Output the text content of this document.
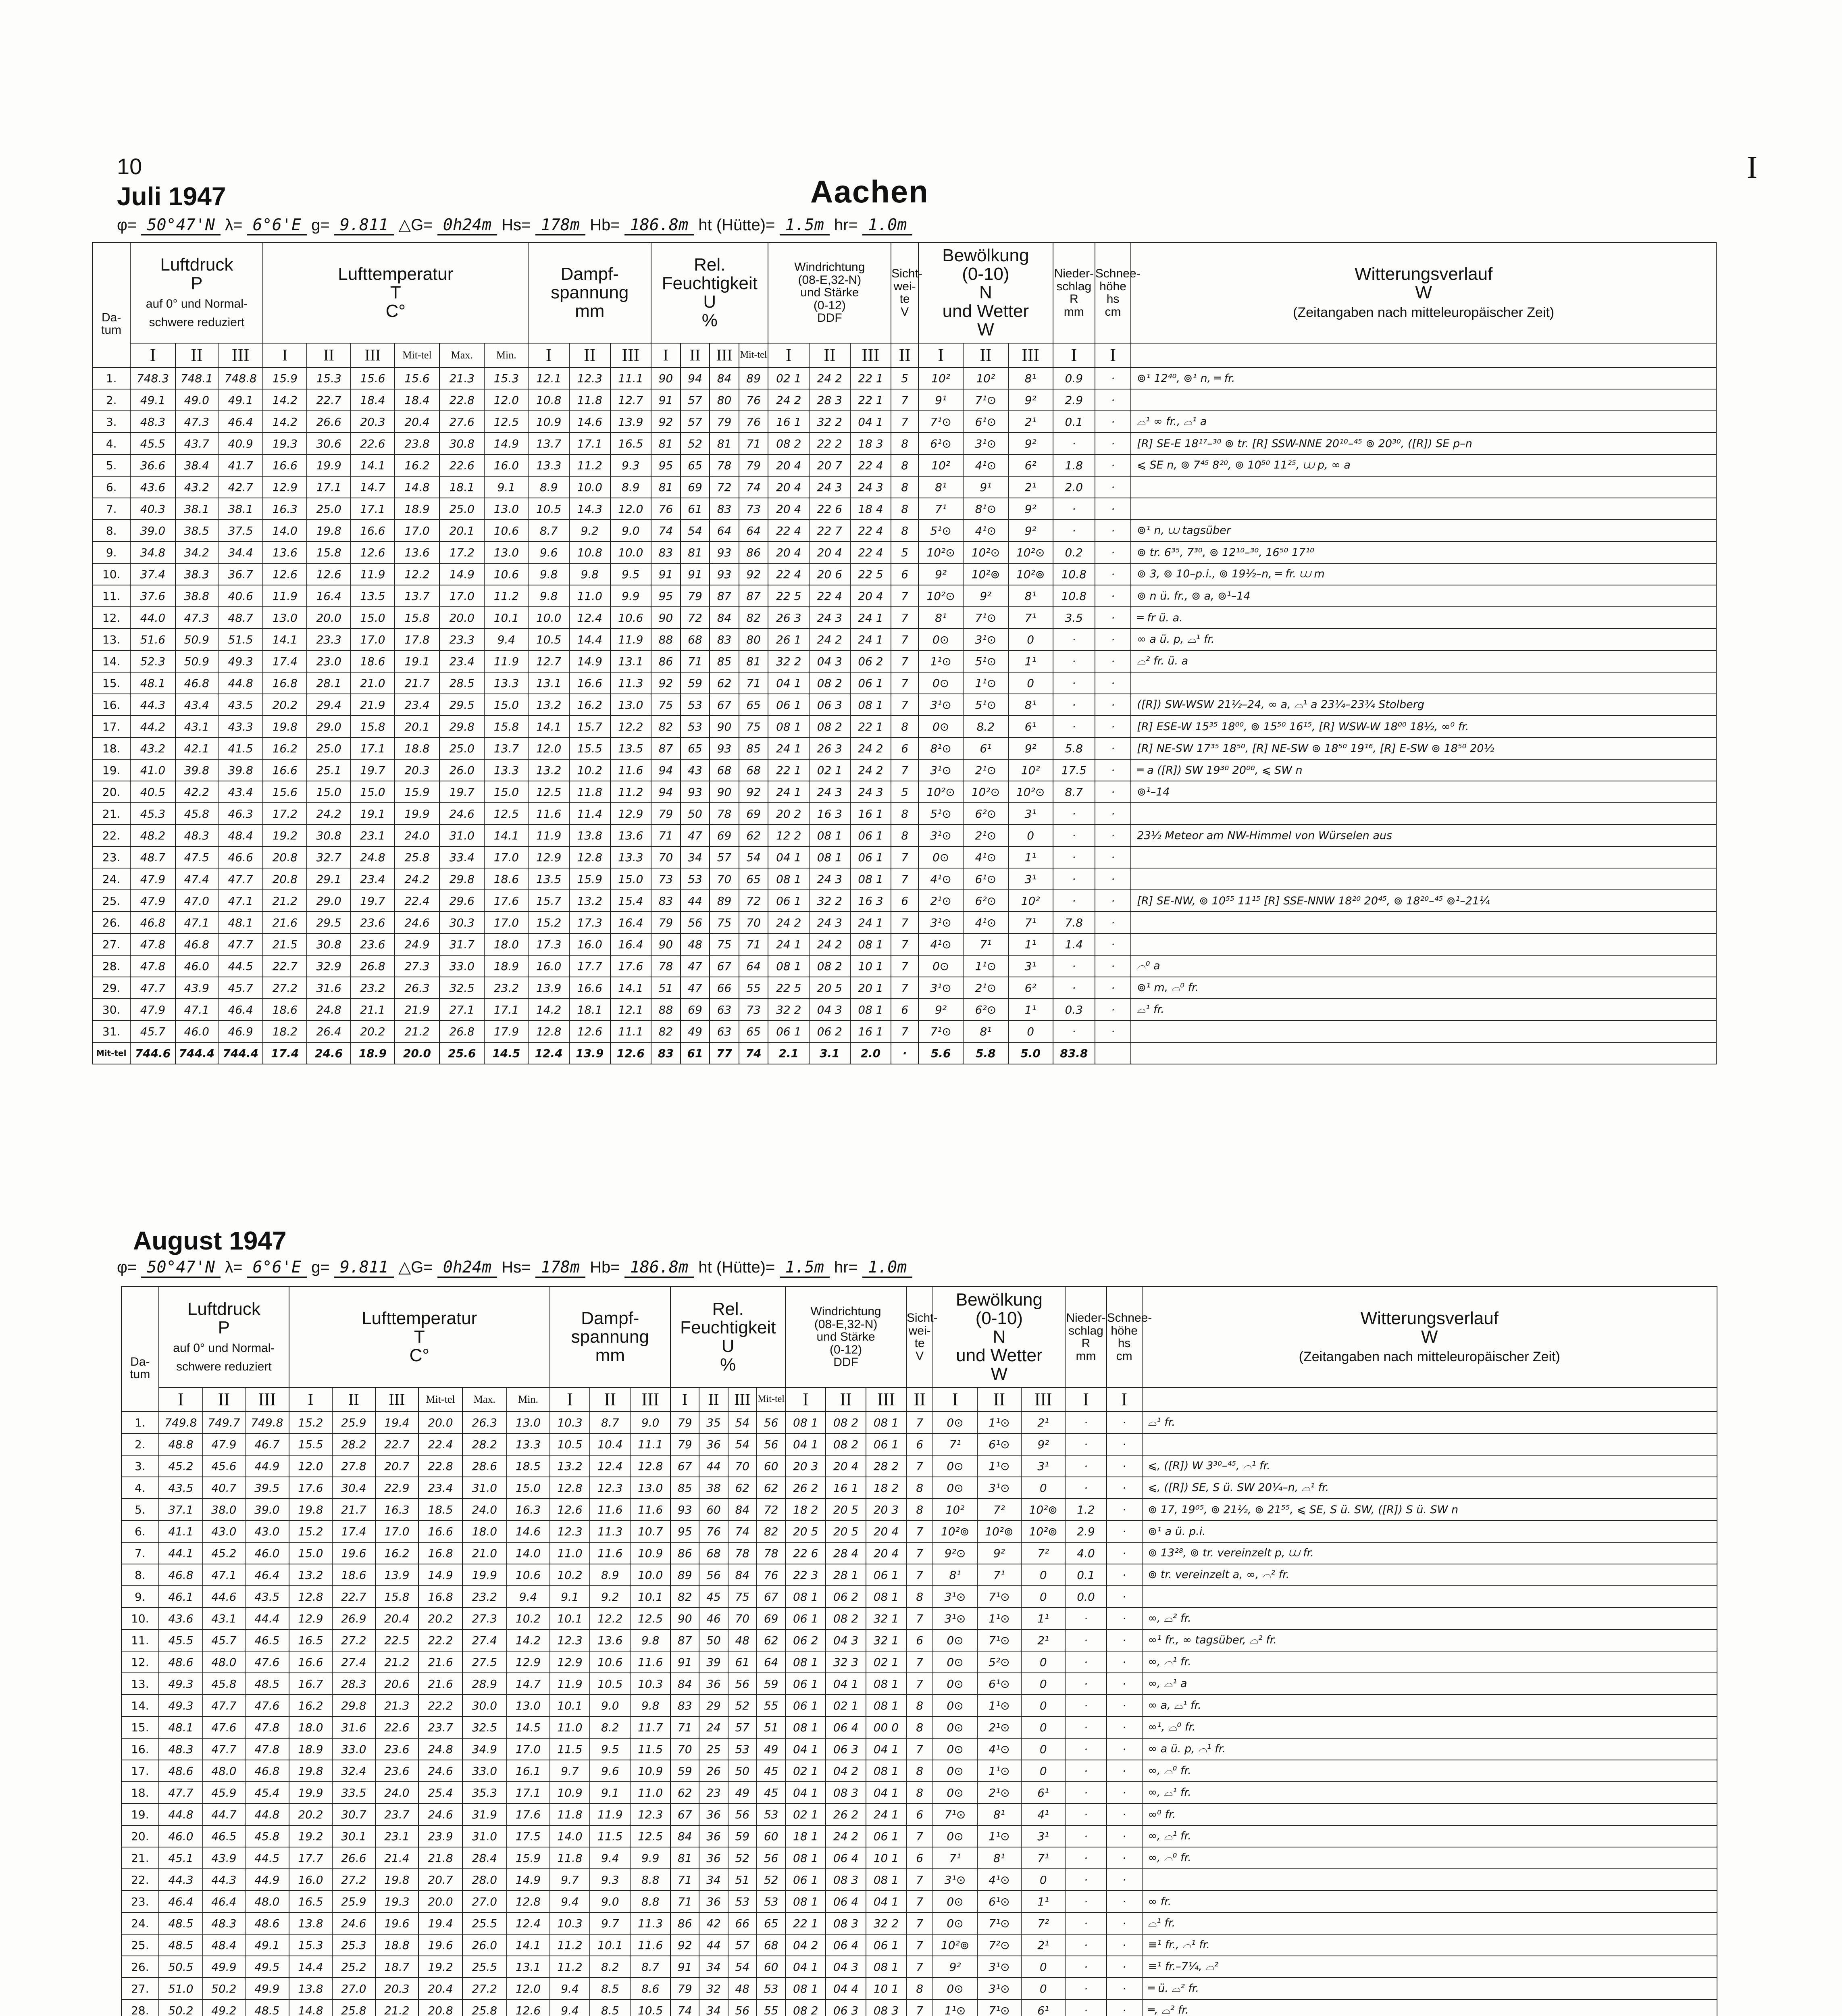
10
Aachen
I
Juli 1947
φ= 50°47'N λ= 6°6'E g= 9.811 △G= 0h24m Hs= 178m Hb= 186.8m ht (Hütte)= 1.5m hr= 1.0m

Da-
tum	Luftdruck
P
auf 0° und Normal-
schwere reduziert			Lufttemperatur
T
C°						Dampf-
spannung
mm			Rel.
Feuchtigkeit
U
%				Windrichtung
(08-E,32-N)
und Stärke
(0-12)
DDF			Sicht-
wei-
te
V	Bewölkung
(0-10)
N
und Wetter
W			Nieder-
schlag
R
mm	Schnee-
höhe
hs
cm	Witterungsverlauf
W
(Zeitangaben nach mitteleuropäischer Zeit)
	I	II	III	I	II	III	Mit-tel	Max.	Min.	I	II	III	I	II	III	Mit-tel	I	II	III	II	I	II	III	I	I	
1.	748.3	748.1	748.8	15.9	15.3	15.6	15.6	21.3	15.3	12.1	12.3	11.1	90	94	84	89	02 1	24 2	22 1	5	10²	10²	8¹	0.9	·	⊚¹ 12⁴⁰, ⊚¹ n, ═ fr.
2.	49.1	49.0	49.1	14.2	22.7	18.4	18.4	22.8	12.0	10.8	11.8	12.7	91	57	80	76	24 2	28 3	22 1	7	9¹	7¹⊙	9²	2.9	·	
3.	48.3	47.3	46.4	14.2	26.6	20.3	20.4	27.6	12.5	10.9	14.6	13.9	92	57	79	76	16 1	32 2	04 1	7	7¹⊙	6¹⊙	2¹	0.1	·	⌓¹ ∞ fr., ⌓¹ a
4.	45.5	43.7	40.9	19.3	30.6	22.6	23.8	30.8	14.9	13.7	17.1	16.5	81	52	81	71	08 2	22 2	18 3	8	6¹⊙	3¹⊙	9²	·	·	[R] SE-E 18¹⁷–³⁰ ⊚ tr. [R] SSW-NNE 20¹⁰–⁴⁵ ⊚ 20³⁰, ([R]) SE p–n
5.	36.6	38.4	41.7	16.6	19.9	14.1	16.2	22.6	16.0	13.3	11.2	9.3	95	65	78	79	20 4	20 7	22 4	8	10²	4¹⊙	6²	1.8	·	⩽ SE n, ⊚ 7⁴⁵ 8²⁰, ⊚ 10⁵⁰ 11²⁵, ⩊ p, ∞ a
6.	43.6	43.2	42.7	12.9	17.1	14.7	14.8	18.1	9.1	8.9	10.0	8.9	81	69	72	74	20 4	24 3	24 3	8	8¹	9¹	2¹	2.0	·	
7.	40.3	38.1	38.1	16.3	25.0	17.1	18.9	25.0	13.0	10.5	14.3	12.0	76	61	83	73	20 4	22 6	18 4	8	7¹	8¹⊙	9²	·	·	
8.	39.0	38.5	37.5	14.0	19.8	16.6	17.0	20.1	10.6	8.7	9.2	9.0	74	54	64	64	22 4	22 7	22 4	8	5¹⊙	4¹⊙	9²	·	·	⊚¹ n, ⩊ tagsüber
9.	34.8	34.2	34.4	13.6	15.8	12.6	13.6	17.2	13.0	9.6	10.8	10.0	83	81	93	86	20 4	20 4	22 4	5	10²⊙	10²⊙	10²⊙	0.2	·	⊚ tr. 6³⁵, 7³⁰, ⊚ 12¹⁰–³⁰, 16⁵⁰ 17¹⁰
10.	37.4	38.3	36.7	12.6	12.6	11.9	12.2	14.9	10.6	9.8	9.8	9.5	91	91	93	92	22 4	20 6	22 5	6	9²	10²⊚	10²⊚	10.8	·	⊚ 3, ⊚ 10–p.i., ⊚ 19½–n, ═ fr. ⩊ m
11.	37.6	38.8	40.6	11.9	16.4	13.5	13.7	17.0	11.2	9.8	11.0	9.9	95	79	87	87	22 5	22 4	20 4	7	10²⊙	9²	8¹	10.8	·	⊚ n ü. fr., ⊚ a, ⊚¹–14
12.	44.0	47.3	48.7	13.0	20.0	15.0	15.8	20.0	10.1	10.0	12.4	10.6	90	72	84	82	26 3	24 3	24 1	7	8¹	7¹⊙	7¹	3.5	·	═ fr ü. a.
13.	51.6	50.9	51.5	14.1	23.3	17.0	17.8	23.3	9.4	10.5	14.4	11.9	88	68	83	80	26 1	24 2	24 1	7	0⊙	3¹⊙	0	·	·	∞ a ü. p, ⌓¹ fr.
14.	52.3	50.9	49.3	17.4	23.0	18.6	19.1	23.4	11.9	12.7	14.9	13.1	86	71	85	81	32 2	04 3	06 2	7	1¹⊙	5¹⊙	1¹	·	·	⌓² fr. ü. a
15.	48.1	46.8	44.8	16.8	28.1	21.0	21.7	28.5	13.3	13.1	16.6	11.3	92	59	62	71	04 1	08 2	06 1	7	0⊙	1¹⊙	0	·	·	
16.	44.3	43.4	43.5	20.2	29.4	21.9	23.4	29.5	15.0	13.2	16.2	13.0	75	53	67	65	06 1	06 3	08 1	7	3¹⊙	5¹⊙	8¹	·	·	([R]) SW-WSW 21½–24, ∞ a, ⌓¹ a 23¼–23¾ Stolberg
17.	44.2	43.1	43.3	19.8	29.0	15.8	20.1	29.8	15.8	14.1	15.7	12.2	82	53	90	75	08 1	08 2	22 1	8	0⊙	8.2	6¹	·	·	[R] ESE-W 15³⁵ 18⁰⁰, ⊚ 15⁵⁰ 16¹⁵, [R] WSW-W 18⁰⁰ 18½, ∞⁰ fr.
18.	43.2	42.1	41.5	16.2	25.0	17.1	18.8	25.0	13.7	12.0	15.5	13.5	87	65	93	85	24 1	26 3	24 2	6	8¹⊙	6¹	9²	5.8	·	[R] NE-SW 17³⁵ 18⁵⁰, [R] NE-SW ⊚ 18⁵⁰ 19¹⁶, [R] E-SW ⊚ 18⁵⁰ 20½
19.	41.0	39.8	39.8	16.6	25.1	19.7	20.3	26.0	13.3	13.2	10.2	11.6	94	43	68	68	22 1	02 1	24 2	7	3¹⊙	2¹⊙	10²	17.5	·	═ a ([R]) SW 19³⁰ 20⁰⁰, ⩽ SW n
20.	40.5	42.2	43.4	15.6	15.0	15.0	15.9	19.7	15.0	12.5	11.8	11.2	94	93	90	92	24 1	24 3	24 3	5	10²⊙	10²⊙	10²⊙	8.7	·	⊚¹–14
21.	45.3	45.8	46.3	17.2	24.2	19.1	19.9	24.6	12.5	11.6	11.4	12.9	79	50	78	69	20 2	16 3	16 1	8	5¹⊙	6²⊙	3¹	·	·	
22.	48.2	48.3	48.4	19.2	30.8	23.1	24.0	31.0	14.1	11.9	13.8	13.6	71	47	69	62	12 2	08 1	06 1	8	3¹⊙	2¹⊙	0	·	·	23½ Meteor am NW-Himmel von Würselen aus
23.	48.7	47.5	46.6	20.8	32.7	24.8	25.8	33.4	17.0	12.9	12.8	13.3	70	34	57	54	04 1	08 1	06 1	7	0⊙	4¹⊙	1¹	·	·	
24.	47.9	47.4	47.7	20.8	29.1	23.4	24.2	29.8	18.6	13.5	15.9	15.0	73	53	70	65	08 1	24 3	08 1	7	4¹⊙	6¹⊙	3¹	·	·	
25.	47.9	47.0	47.1	21.2	29.0	19.7	22.4	29.6	17.6	15.7	13.2	15.4	83	44	89	72	06 1	32 2	16 3	6	2¹⊙	6²⊙	10²	·	·	[R] SE-NW, ⊚ 10⁵⁵ 11¹⁵ [R] SSE-NNW 18²⁰ 20⁴⁵, ⊚ 18²⁰–⁴⁵ ⊚¹–21¼
26.	46.8	47.1	48.1	21.6	29.5	23.6	24.6	30.3	17.0	15.2	17.3	16.4	79	56	75	70	24 2	24 3	24 1	7	3¹⊙	4¹⊙	7¹	7.8	·	
27.	47.8	46.8	47.7	21.5	30.8	23.6	24.9	31.7	18.0	17.3	16.0	16.4	90	48	75	71	24 1	24 2	08 1	7	4¹⊙	7¹	1¹	1.4	·	
28.	47.8	46.0	44.5	22.7	32.9	26.8	27.3	33.0	18.9	16.0	17.7	17.6	78	47	67	64	08 1	08 2	10 1	7	0⊙	1¹⊙	3¹	·	·	⌓⁰ a
29.	47.7	43.9	45.7	27.2	31.6	23.2	26.3	32.5	23.2	13.9	16.6	14.1	51	47	66	55	22 5	20 5	20 1	7	3¹⊙	2¹⊙	6²	·	·	⊚¹ m, ⌓⁰ fr.
30.	47.9	47.1	46.4	18.6	24.8	21.1	21.9	27.1	17.1	14.2	18.1	12.1	88	69	63	73	32 2	04 3	08 1	6	9²	6²⊙	1¹	0.3	·	⌓¹ fr.
31.	45.7	46.0	46.9	18.2	26.4	20.2	21.2	26.8	17.9	12.8	12.6	11.1	82	49	63	65	06 1	06 2	16 1	7	7¹⊙	8¹	0	·	·	
Mit-tel	744.6	744.4	744.4	17.4	24.6	18.9	20.0	25.6	14.5	12.4	13.9	12.6	83	61	77	74	2.1	3.1	2.0	·	5.6	5.8	5.0	83.8		
August 1947
φ= 50°47'N λ= 6°6'E g= 9.811 △G= 0h24m Hs= 178m Hb= 186.8m ht (Hütte)= 1.5m hr= 1.0m

Da-
tum	Luftdruck
P
auf 0° und Normal-
schwere reduziert			Lufttemperatur
T
C°						Dampf-
spannung
mm			Rel.
Feuchtigkeit
U
%				Windrichtung
(08-E,32-N)
und Stärke
(0-12)
DDF			Sicht-
wei-
te
V	Bewölkung
(0-10)
N
und Wetter
W			Nieder-
schlag
R
mm	Schnee-
höhe
hs
cm	Witterungsverlauf
W
(Zeitangaben nach mitteleuropäischer Zeit)
	I	II	III	I	II	III	Mit-tel	Max.	Min.	I	II	III	I	II	III	Mit-tel	I	II	III	II	I	II	III	I	I	
1.	749.8	749.7	749.8	15.2	25.9	19.4	20.0	26.3	13.0	10.3	8.7	9.0	79	35	54	56	08 1	08 2	08 1	7	0⊙	1¹⊙	2¹	·	·	⌓¹ fr.
2.	48.8	47.9	46.7	15.5	28.2	22.7	22.4	28.2	13.3	10.5	10.4	11.1	79	36	54	56	04 1	08 2	06 1	6	7¹	6¹⊙	9²	·	·	
3.	45.2	45.6	44.9	12.0	27.8	20.7	22.8	28.6	18.5	13.2	12.4	12.8	67	44	70	60	20 3	20 4	28 2	7	0⊙	1¹⊙	3¹	·	·	⩽, ([R]) W 3³⁰–⁴⁵, ⌓¹ fr.
4.	43.5	40.7	39.5	17.6	30.4	22.9	23.4	31.0	15.0	12.8	12.3	13.0	85	38	62	62	26 2	16 1	18 2	8	0⊙	3¹⊙	0	·	·	⩽, ([R]) SE, S ü. SW 20¼–n, ⌓¹ fr.
5.	37.1	38.0	39.0	19.8	21.7	16.3	18.5	24.0	16.3	12.6	11.6	11.6	93	60	84	72	18 2	20 5	20 3	8	10²	7²	10²⊚	1.2	·	⊚ 17, 19⁰⁵, ⊚ 21½, ⊚ 21⁵⁵, ⩽ SE, S ü. SW, ([R]) S ü. SW n
6.	41.1	43.0	43.0	15.2	17.4	17.0	16.6	18.0	14.6	12.3	11.3	10.7	95	76	74	82	20 5	20 5	20 4	7	10²⊚	10²⊚	10²⊚	2.9	·	⊚¹ a ü. p.i.
7.	44.1	45.2	46.0	15.0	19.6	16.2	16.8	21.0	14.0	11.0	11.6	10.9	86	68	78	78	22 6	28 4	20 4	7	9²⊙	9²	7²	4.0	·	⊚ 13²⁸, ⊚ tr. vereinzelt p, ⩊ fr.
8.	46.8	47.1	46.4	13.2	18.6	13.9	14.9	19.9	10.6	10.2	8.9	10.0	89	56	84	76	22 3	28 1	06 1	7	8¹	7¹	0	0.1	·	⊚ tr. vereinzelt a, ∞, ⌓² fr.
9.	46.1	44.6	43.5	12.8	22.7	15.8	16.8	23.2	9.4	9.1	9.2	10.1	82	45	75	67	08 1	06 2	08 1	8	3¹⊙	7¹⊙	0	0.0	·	
10.	43.6	43.1	44.4	12.9	26.9	20.4	20.2	27.3	10.2	10.1	12.2	12.5	90	46	70	69	06 1	08 2	32 1	7	3¹⊙	1¹⊙	1¹	·	·	∞, ⌓² fr.
11.	45.5	45.7	46.5	16.5	27.2	22.5	22.2	27.4	14.2	12.3	13.6	9.8	87	50	48	62	06 2	04 3	32 1	6	0⊙	7¹⊙	2¹	·	·	∞¹ fr., ∞ tagsüber, ⌓² fr.
12.	48.6	48.0	47.6	16.6	27.4	21.2	21.6	27.5	12.9	12.9	10.6	11.6	91	39	61	64	08 1	32 3	02 1	7	0⊙	5²⊙	0	·	·	∞, ⌓¹ fr.
13.	49.3	45.8	48.5	16.7	28.3	20.6	21.6	28.9	14.7	11.9	10.5	10.3	84	36	56	59	06 1	04 1	08 1	7	0⊙	6¹⊙	0	·	·	∞, ⌓¹ a
14.	49.3	47.7	47.6	16.2	29.8	21.3	22.2	30.0	13.0	10.1	9.0	9.8	83	29	52	55	06 1	02 1	08 1	8	0⊙	1¹⊙	0	·	·	∞ a, ⌓¹ fr.
15.	48.1	47.6	47.8	18.0	31.6	22.6	23.7	32.5	14.5	11.0	8.2	11.7	71	24	57	51	08 1	06 4	00 0	8	0⊙	2¹⊙	0	·	·	∞¹, ⌓⁰ fr.
16.	48.3	47.7	47.8	18.9	33.0	23.6	24.8	34.9	17.0	11.5	9.5	11.5	70	25	53	49	04 1	06 3	04 1	7	0⊙	4¹⊙	0	·	·	∞ a ü. p, ⌓¹ fr.
17.	48.6	48.0	46.8	19.8	32.4	23.6	24.6	33.0	16.1	9.7	9.6	10.9	59	26	50	45	02 1	04 2	08 1	8	0⊙	1¹⊙	0	·	·	∞, ⌓⁰ fr.
18.	47.7	45.9	45.4	19.9	33.5	24.0	25.4	35.3	17.1	10.9	9.1	11.0	62	23	49	45	04 1	08 3	04 1	8	0⊙	2¹⊙	6¹	·	·	∞, ⌓¹ fr.
19.	44.8	44.7	44.8	20.2	30.7	23.7	24.6	31.9	17.6	11.8	11.9	12.3	67	36	56	53	02 1	26 2	24 1	6	7¹⊙	8¹	4¹	·	·	∞⁰ fr.
20.	46.0	46.5	45.8	19.2	30.1	23.1	23.9	31.0	17.5	14.0	11.5	12.5	84	36	59	60	18 1	24 2	06 1	7	0⊙	1¹⊙	3¹	·	·	∞, ⌓¹ fr.
21.	45.1	43.9	44.5	17.7	26.6	21.4	21.8	28.4	15.9	11.8	9.4	9.9	81	36	52	56	08 1	06 4	10 1	6	7¹	8¹	7¹	·	·	∞, ⌓⁰ fr.
22.	44.3	44.3	44.9	16.0	27.2	19.8	20.7	28.0	14.9	9.7	9.3	8.8	71	34	51	52	06 1	08 3	08 1	7	3¹⊙	4¹⊙	0	·	·	
23.	46.4	46.4	48.0	16.5	25.9	19.3	20.0	27.0	12.8	9.4	9.0	8.8	71	36	53	53	08 1	06 4	04 1	7	0⊙	6¹⊙	1¹	·	·	∞ fr.
24.	48.5	48.3	48.6	13.8	24.6	19.6	19.4	25.5	12.4	10.3	9.7	11.3	86	42	66	65	22 1	08 3	32 2	7	0⊙	7¹⊙	7²	·	·	⌓¹ fr.
25.	48.5	48.4	49.1	15.3	25.3	18.8	19.6	26.0	14.1	11.2	10.1	11.6	92	44	57	68	04 2	06 4	06 1	7	10²⊚	7²⊙	2¹	·	·	≡¹ fr., ⌓¹ fr.
26.	50.5	49.9	49.5	14.4	25.2	18.7	19.2	25.5	13.1	11.2	8.2	8.7	91	34	54	60	04 1	04 3	08 1	7	9²	3¹⊙	0	·	·	≡¹ fr.–7¼, ⌓²
27.	51.0	50.2	49.9	13.8	27.0	20.3	20.4	27.2	12.0	9.4	8.5	8.6	79	32	48	53	08 1	04 4	10 1	8	0⊙	3¹⊙	0	·	·	═ ü. ⌓² fr.
28.	50.2	49.2	48.5	14.8	25.8	21.2	20.8	25.8	12.6	9.4	8.5	10.5	74	34	56	55	08 2	06 3	08 3	7	1¹⊙	7¹⊙	6¹	·	·	═, ⌓² fr.
